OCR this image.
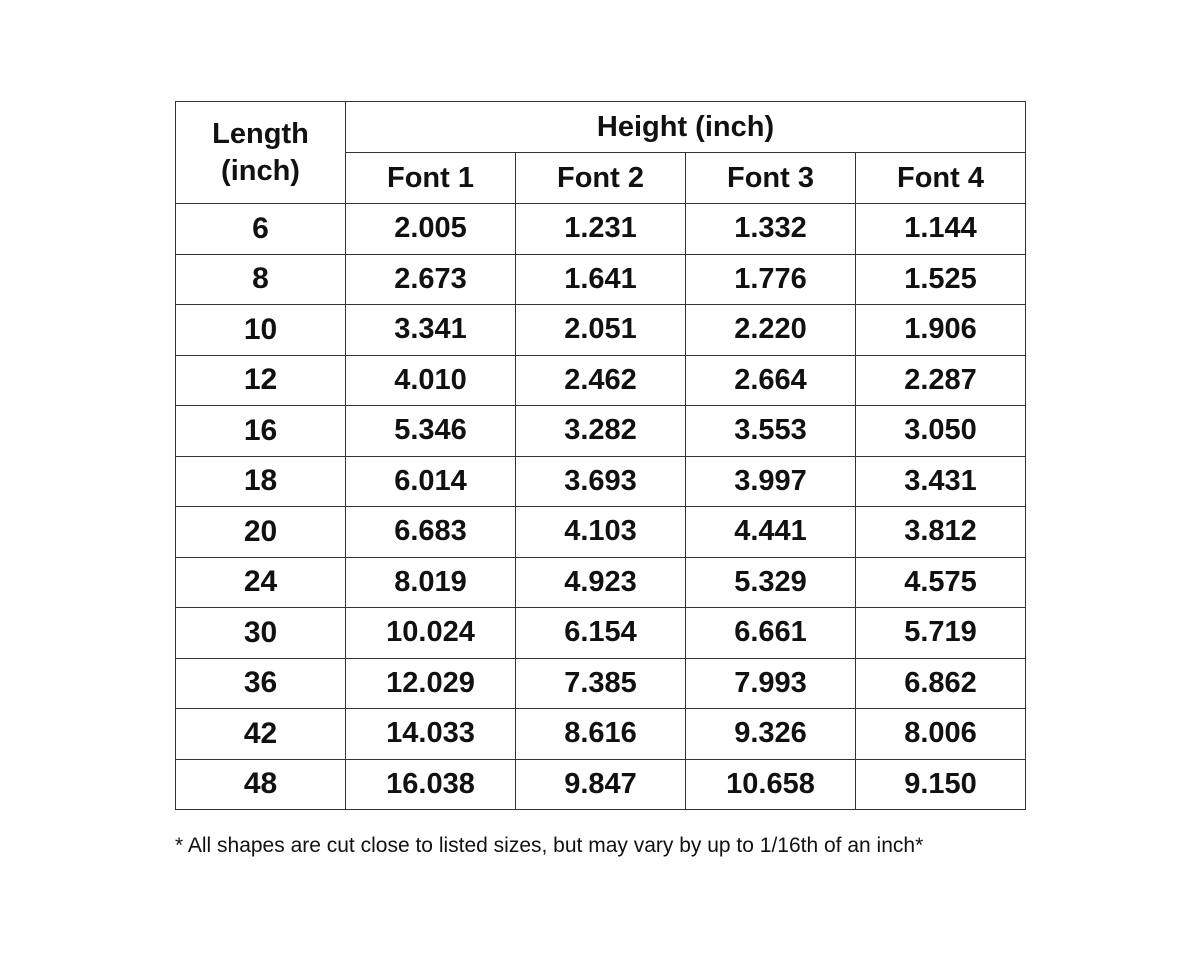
Length
(inch)	Height (inch)			
	Font 1	Font 2	Font 3	Font 4
6	2.005	1.231	1.332	1.144
8	2.673	1.641	1.776	1.525
10	3.341	2.051	2.220	1.906
12	4.010	2.462	2.664	2.287
16	5.346	3.282	3.553	3.050
18	6.014	3.693	3.997	3.431
20	6.683	4.103	4.441	3.812
24	8.019	4.923	5.329	4.575
30	10.024	6.154	6.661	5.719
36	12.029	7.385	7.993	6.862
42	14.033	8.616	9.326	8.006
48	16.038	9.847	10.658	9.150
* All shapes are cut close to listed sizes, but may vary by up to 1/16th of an inch*
